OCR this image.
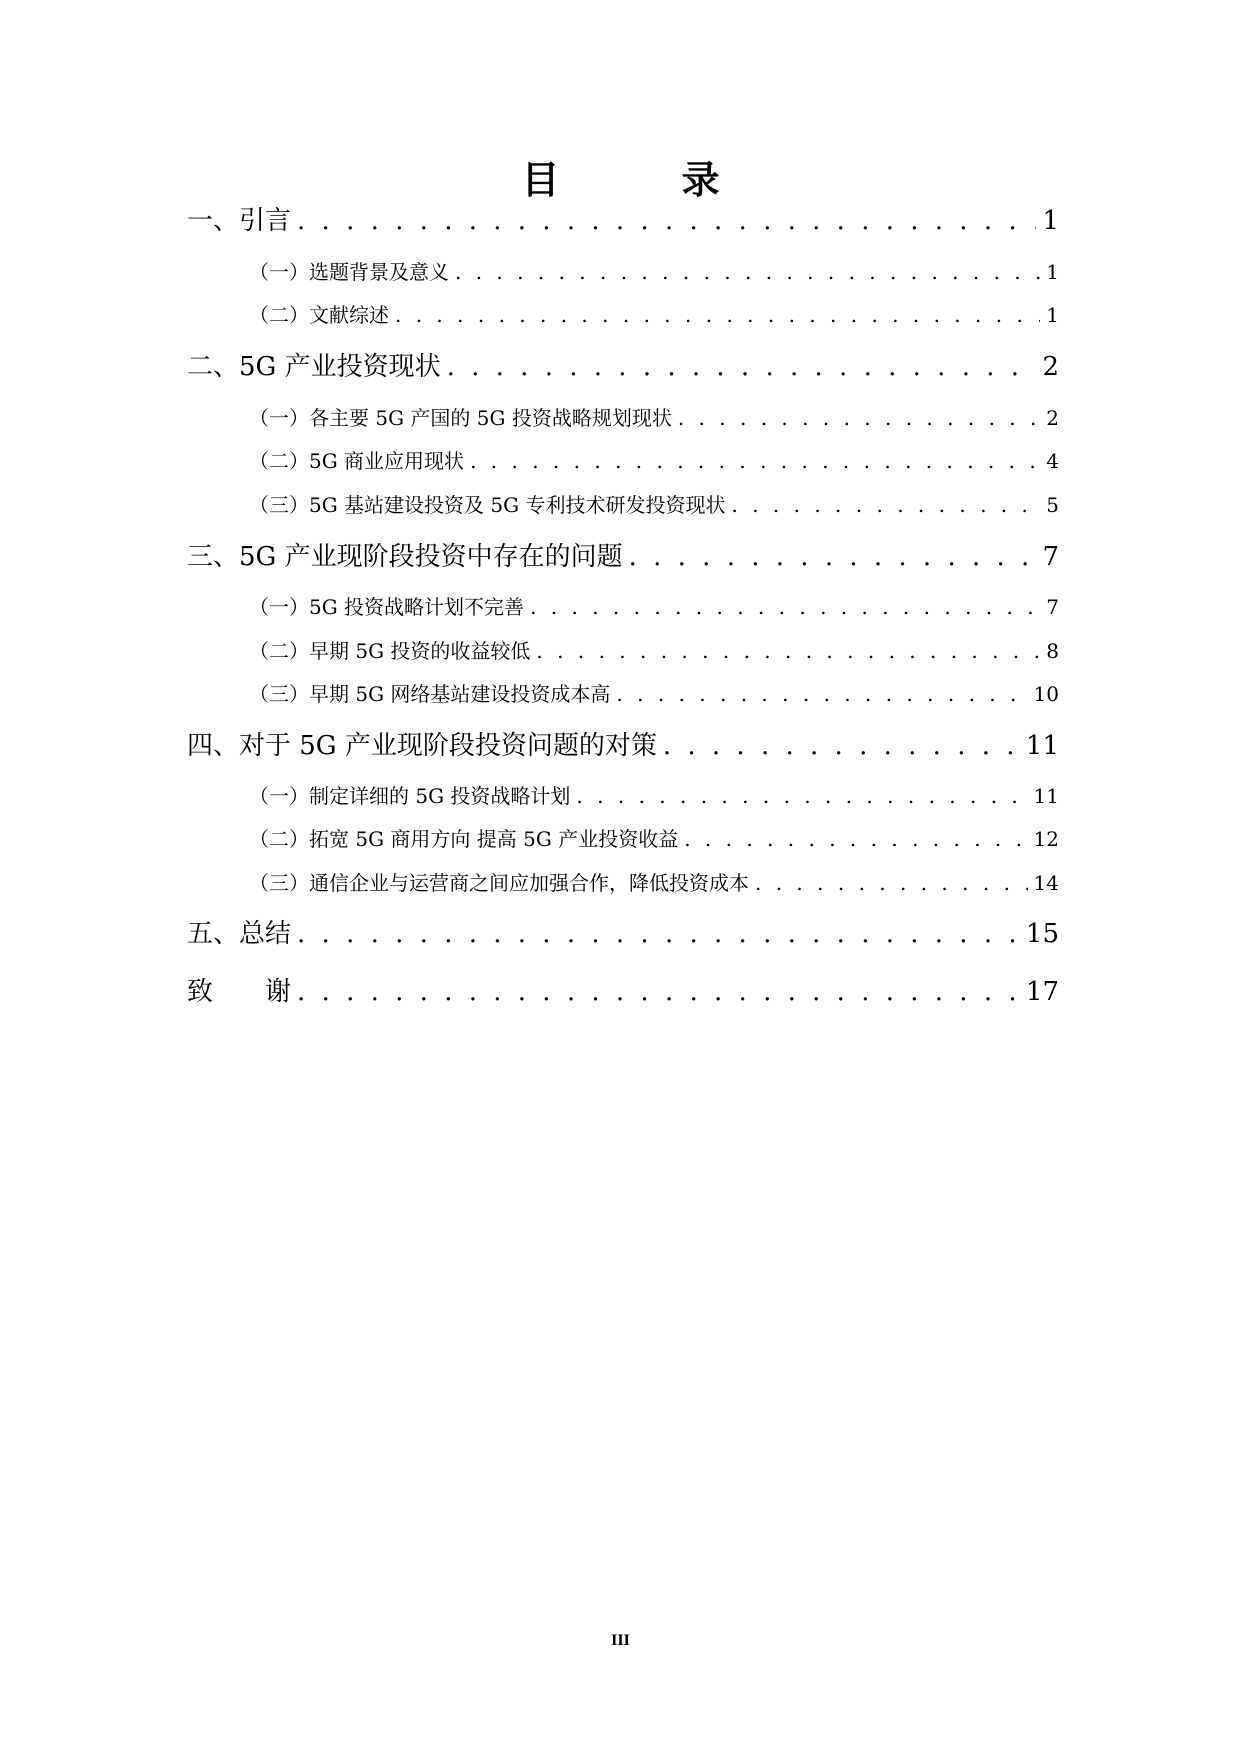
目　录
一、引言 . . .	1
（一）选题背景及意义 . . .	1
（二）文献综述 . . .	1
二、5G 产业投资现状 . . .	2
（一）各主要 5G 产国的 5G 投资战略规划现状 . . .	2
（二）5G 商业应用现状 . . .	4
（三）5G 基站建设投资及 5G 专利技术研发投资现状 . . .	5
三、5G 产业现阶段投资中存在的问题 . . .	7
（一）5G 投资战略计划不完善 . . .	7
（二）早期 5G 投资的收益较低 . . .	8
（三）早期 5G 网络基站建设投资成本高 . . .	10
四、对于 5G 产业现阶段投资问题的对策 . . .	11
（一）制定详细的 5G 投资战略计划 . . .	11
（二）拓宽 5G 商用方向 提高 5G 产业投资收益 . . .	12
（三）通信企业与运营商之间应加强合作，降低投资成本 . . .	14
五、总结 . . .	15
致　　谢 . . .	17
III
